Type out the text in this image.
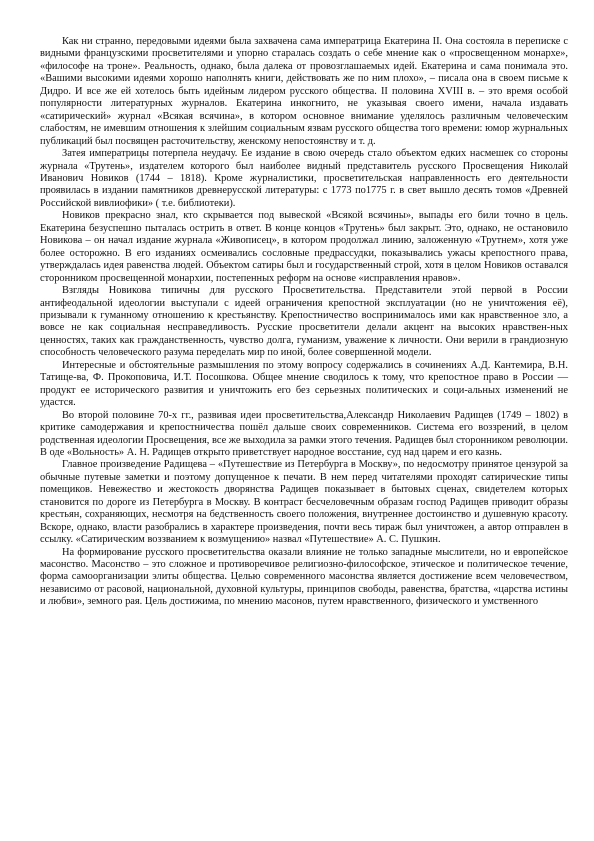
Как ни странно, передовыми идеями была захвачена сама императрица Екатерина II. Она состояла в переписке с видными французскими просветителями и упорно старалась создать о себе мнение как о «просвещенном монархе», «философе на троне». Реальность, однако, была далека от провозглашаемых идей. Екатерина и сама понимала это. «Вашими высокими идеями хорошо наполнять книги, действовать же по ним плохо», – писала она в своем письме к Дидро. И все же ей хотелось быть идейным лидером русского общества. II половина XVIII в. – это время особой популярности литературных журналов. Екатерина инкогнито, не указывая своего имени, начала издавать «сатирический» журнал «Всякая всячина», в котором основное внимание уделялось различным человеческим слабостям, не имевшим отношения к злейшим социальным язвам русского общества того времени: юмор журнальных публикаций был посвящен расточительству, женскому непостоянству и т. д.

Затея императрицы потерпела неудачу. Ее издание в свою очередь стало объектом едких насмешек со стороны журнала «Трутень», издателем которого был наиболее видный представитель русского Просвещения Николай Иванович Новиков (1744 – 1818). Кроме журналистики, просветительская направленность его деятельности проявилась в издании памятников древнерусской литературы: с 1773 по1775 г. в свет вышло десять томов «Древней Российской вивлиофики» ( т.е. библиотеки).

Новиков прекрасно знал, кто скрывается под вывеской «Всякой всячины», выпады его били точно в цель. Екатерина безуспешно пыталась острить в ответ. В конце концов «Трутень» был закрыт. Это, однако, не остановило Новикова – он начал издание журнала «Живописец», в котором продолжал линию, заложенную «Трутнем», хотя уже более осторожно. В его изданиях осмеивались сословные предрассудки, показывались ужасы крепостного права, утверждалась идея равенства людей. Объектом сатиры был и государственный строй, хотя в целом Новиков оставался сторонником просвещенной монархии, постепенных реформ на основе «исправления нравов».

Взгляды Новикова типичны для русского Просветительства. Представители этой первой в России антифеодальной идеологии выступали с идеей ограничения крепостной эксплуатации (но не уничтожения её), призывали к гуманному отношению к крестьянству. Крепостничество воспринималось ими как нравственное зло, а вовсе не как социальная несправедливость. Русские просветители делали акцент на высоких нравствен-ных ценностях, таких как гражданственность, чувство долга, гуманизм, уважение к личности. Они верили в грандиозную способность человеческого разума переделать мир по иной, более совершенной модели.

Интересные и обстоятельные размышления по этому вопросу содержались в сочинениях А.Д. Кантемира, В.Н. Татище-ва, Ф. Прокоповича, И.Т. Посошкова. Общее мнение сводилось к тому, что крепостное право в России — продукт ее исторического развития и уничтожить его без серьезных политических и соци-альных изменений не удастся.

Во второй половине 70-х гг., развивая идеи просветительства,Александр Николаевич Радищев (1749 – 1802) в критике самодержавия и крепостничества пошёл дальше своих современников. Система его воззрений, в целом родственная идеологии Просвещения, все же выходила за рамки этого течения. Радищев был сторонником революции. В оде «Вольность» А. Н. Радищев открыто приветствует народное восстание, суд над царем и его казнь.

Главное произведение Радищева – «Путешествие из Петербурга в Москву», по недосмотру принятое цензурой за обычные путевые заметки и поэтому допущенное к печати. В нем перед читателями проходят сатирические типы помещиков. Невежество и жестокость дворянства Радищев показывает в бытовых сценах, свидетелем которых становится по дороге из Петербурга в Москву. В контраст бесчеловечным образам господ Радищев приводит образы крестьян, сохраняющих, несмотря на бедственность своего положения, внутреннее достоинство и душевную красоту. Вскоре, однако, власти разобрались в характере произведения, почти весь тираж был уничтожен, а автор отправлен в ссылку. «Сатирическим воззванием к возмущению» назвал «Путешествие» А. С. Пушкин.

На формирование русского просветительства оказали влияние не только западные мыслители, но и европейское масонство. Масонство – это сложное и противоречивое религиозно-философское, этическое и политическое течение, форма самоорганизации элиты общества. Целью современного масонства является достижение всем человечеством, независимо от расовой, национальной, духовной культуры, принципов свободы, равенства, братства, «царства истины и любви», земного рая. Цель достижима, по мнению масонов, путем нравственного, физического и умственного
